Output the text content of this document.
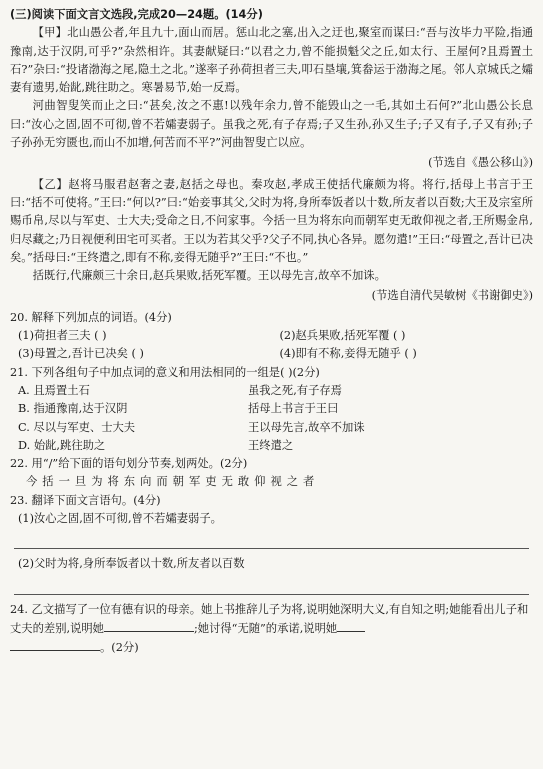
(三)阅读下面文言文选段,完成20—24题。(14分)

【甲】北山愚公者,年且九十,面山而居。惩山北之塞,出入之迂也,聚室而谋曰:“吾与汝毕力平险,指通豫南,达于汉阴,可乎?”杂然相许。其妻献疑曰:“以君之力,曾不能损魁父之丘,如太行、王屋何?且焉置土石?”杂曰:“投诸渤海之尾,隐土之北。”遂率子孙荷担者三夫,叩石垦壤,箕畚运于渤海之尾。邻人京城氏之孀妻有遗男,始龀,跳往助之。寒暑易节,始一反焉。

河曲智叟笑而止之曰:“甚矣,汝之不惠!以残年余力,曾不能毁山之一毛,其如土石何?”北山愚公长息曰:“汝心之固,固不可彻,曾不若孀妻弱子。虽我之死,有子存焉;子又生孙,孙又生子;子又有子,子又有孙;子子孙孙无穷匮也,而山不加增,何苦而不平?”河曲智叟亡以应。

(节选自《愚公移山》)

【乙】赵将马服君赵奢之妻,赵括之母也。秦攻赵,孝成王使括代廉颇为将。将行,括母上书言于王曰:“括不可使将。”王曰:“何以?”曰:“始妾事其父,父时为将,身所奉饭者以十数,所友者以百数;大王及宗室所赐币帛,尽以与军吏、士大夫;受命之日,不问家事。今括一旦为将东向而朝军吏无敢仰视之者,王所赐金帛,归尽藏之;乃日视便利田宅可买者。王以为若其父乎?父子不同,执心各异。愿勿遣!”王曰:“母置之,吾计已决矣。”括母曰:“王终遣之,即有不称,妾得无随乎?”王曰:“不也。”

括既行,代廉颇三十余日,赵兵果败,括死军覆。王以母先言,故卒不加诛。

(节选自清代吴敏树《书谢御史》)

20. 解释下列加点的词语。(4分)

(1)荷担者三夫 ( )	(2)赵兵果败,括死军覆 ( )
(3)母置之,吾计已决矣 ( )	(4)即有不称,妾得无随乎 ( )

21. 下列各组句子中加点词的意义和用法相同的一组是( )(2分)

A. 且焉置土石	虽我之死,有子存焉
B. 指通豫南,达于汉阴	括母上书言于王曰
C. 尽以与军吏、士大夫	王以母先言,故卒不加诛
D. 始龀,跳往助之	王终遣之

22. 用“/”给下面的语句划分节奏,划两处。(2分)

今括一旦为将东向而朝军吏无敢仰视之者

23. 翻译下面文言语句。(4分)

(1)汝心之固,固不可彻,曾不若孀妻弱子。

(2)父时为将,身所奉饭者以十数,所友者以百数

24. 乙文描写了一位有德有识的母亲。她上书推辞儿子为将,说明她深明大义,有自知之明;她能看出儿子和丈夫的差别,说明她	;她讨得“无随”的承诺,说明她
。(2分)
